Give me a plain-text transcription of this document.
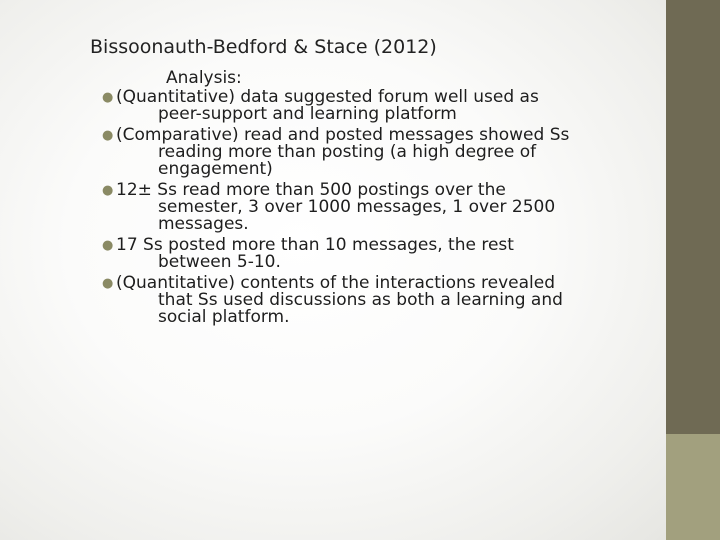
Bissoonauth-Bedford & Stace (2012)
Analysis:
● (Quantitative) data suggested forum well used as
peer-support and learning platform
● (Comparative) read and posted messages showed Ss
reading more than posting (a high degree of
engagement)
● 12± Ss read more than 500 postings over the
semester, 3 over 1000 messages, 1 over 2500
messages.
● 17 Ss posted more than 10 messages, the rest
between 5-10.
● (Quantitative) contents of the interactions revealed
that Ss used discussions as both a learning and
social platform.
